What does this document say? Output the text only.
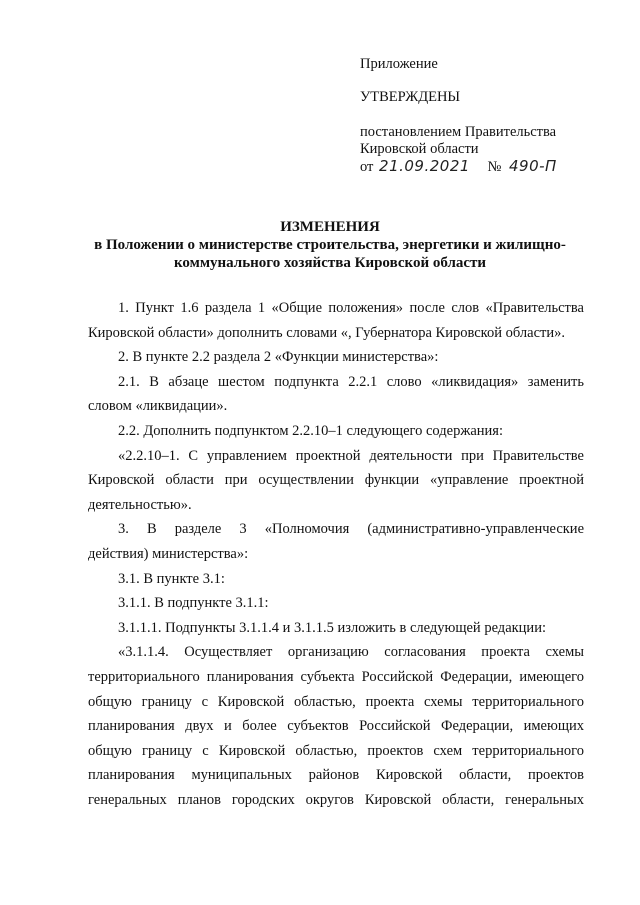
Приложение
УТВЕРЖДЕНЫ
постановлением Правительства
Кировской области
от 21.09.2021 № 490-П
ИЗМЕНЕНИЯ
в Положении о министерстве строительства, энергетики и жилищно-
коммунального хозяйства Кировской области
1. Пункт 1.6 раздела 1 «Общие положения» после слов «Правительства
Кировской области» дополнить словами «, Губернатора Кировской области».
2. В пункте 2.2 раздела 2 «Функции министерства»:
2.1. В абзаце шестом подпункта 2.2.1 слово «ликвидация» заменить
словом «ликвидации».
2.2. Дополнить подпунктом 2.2.10–1 следующего содержания:
«2.2.10–1. С управлением проектной деятельности при Правительстве
Кировской области при осуществлении функции «управление проектной
деятельностью».
3. В разделе 3 «Полномочия (административно-управленческие
действия) министерства»:
3.1. В пункте 3.1:
3.1.1. В подпункте 3.1.1:
3.1.1.1. Подпункты 3.1.1.4 и 3.1.1.5 изложить в следующей редакции:
«3.1.1.4. Осуществляет организацию согласования проекта схемы
территориального планирования субъекта Российской Федерации, имеющего
общую границу с Кировской областью, проекта схемы территориального
планирования двух и более субъектов Российской Федерации, имеющих
общую границу с Кировской областью, проектов схем территориального
планирования муниципальных районов Кировской области, проектов
генеральных планов городских округов Кировской области, генеральных
